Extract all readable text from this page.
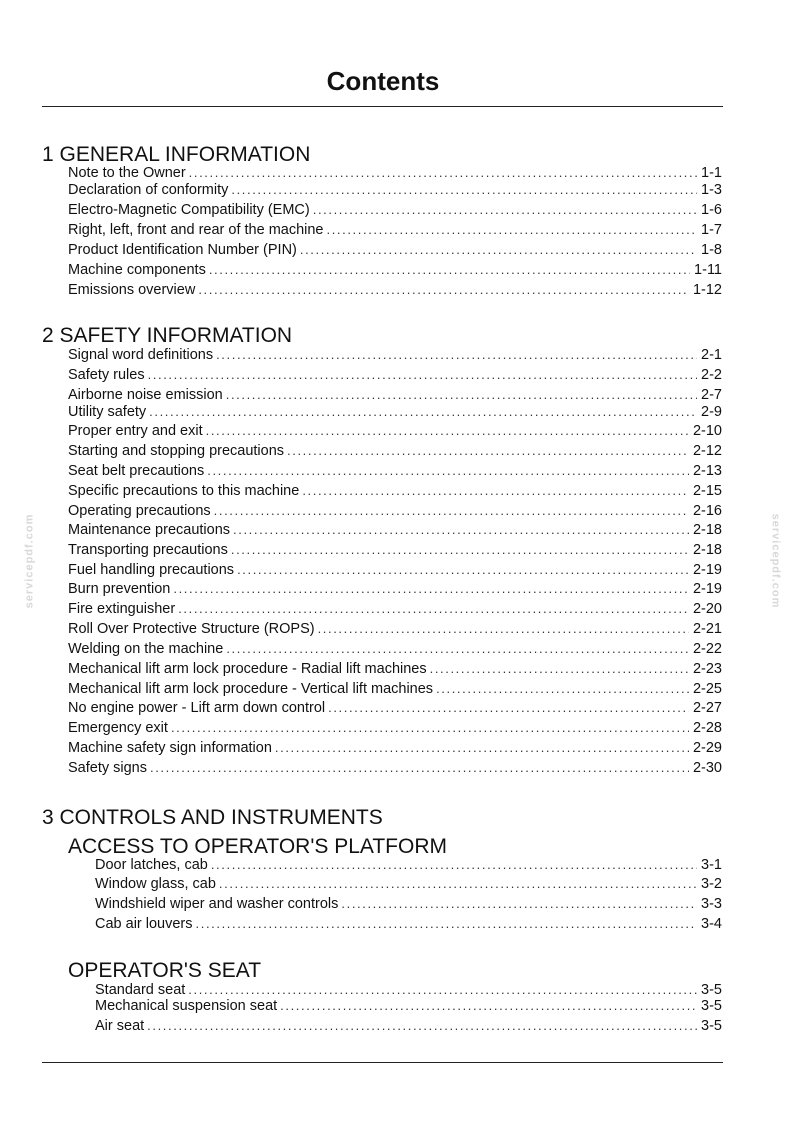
Contents
servicepdf.com	servicepdf.com
1 GENERAL INFORMATION
Note to the Owner .....	1-1
Declaration of conformity .....	1-3
Electro-Magnetic Compatibility (EMC) .....	1-6
Right, left, front and rear of the machine .....	1-7
Product Identification Number (PIN) .....	1-8
Machine components .....	1-11
Emissions overview .....	1-12
2 SAFETY INFORMATION
Signal word definitions .....	2-1
Safety rules .....	2-2
Airborne noise emission .....	2-7
Utility safety .....	2-9
Proper entry and exit .....	2-10
Starting and stopping precautions .....	2-12
Seat belt precautions .....	2-13
Specific precautions to this machine .....	2-15
Operating precautions .....	2-16
Maintenance precautions .....	2-18
Transporting precautions .....	2-18
Fuel handling precautions .....	2-19
Burn prevention .....	2-19
Fire extinguisher .....	2-20
Roll Over Protective Structure (ROPS) .....	2-21
Welding on the machine .....	2-22
Mechanical lift arm lock procedure - Radial lift machines .....	2-23
Mechanical lift arm lock procedure - Vertical lift machines .....	2-25
No engine power - Lift arm down control .....	2-27
Emergency exit .....	2-28
Machine safety sign information .....	2-29
Safety signs .....	2-30
3 CONTROLS AND INSTRUMENTS
ACCESS TO OPERATOR'S PLATFORM
Door latches, cab .....	3-1
Window glass, cab .....	3-2
Windshield wiper and washer controls .....	3-3
Cab air louvers .....	3-4
OPERATOR'S SEAT
Standard seat .....	3-5
Mechanical suspension seat .....	3-5
Air seat .....	3-5
